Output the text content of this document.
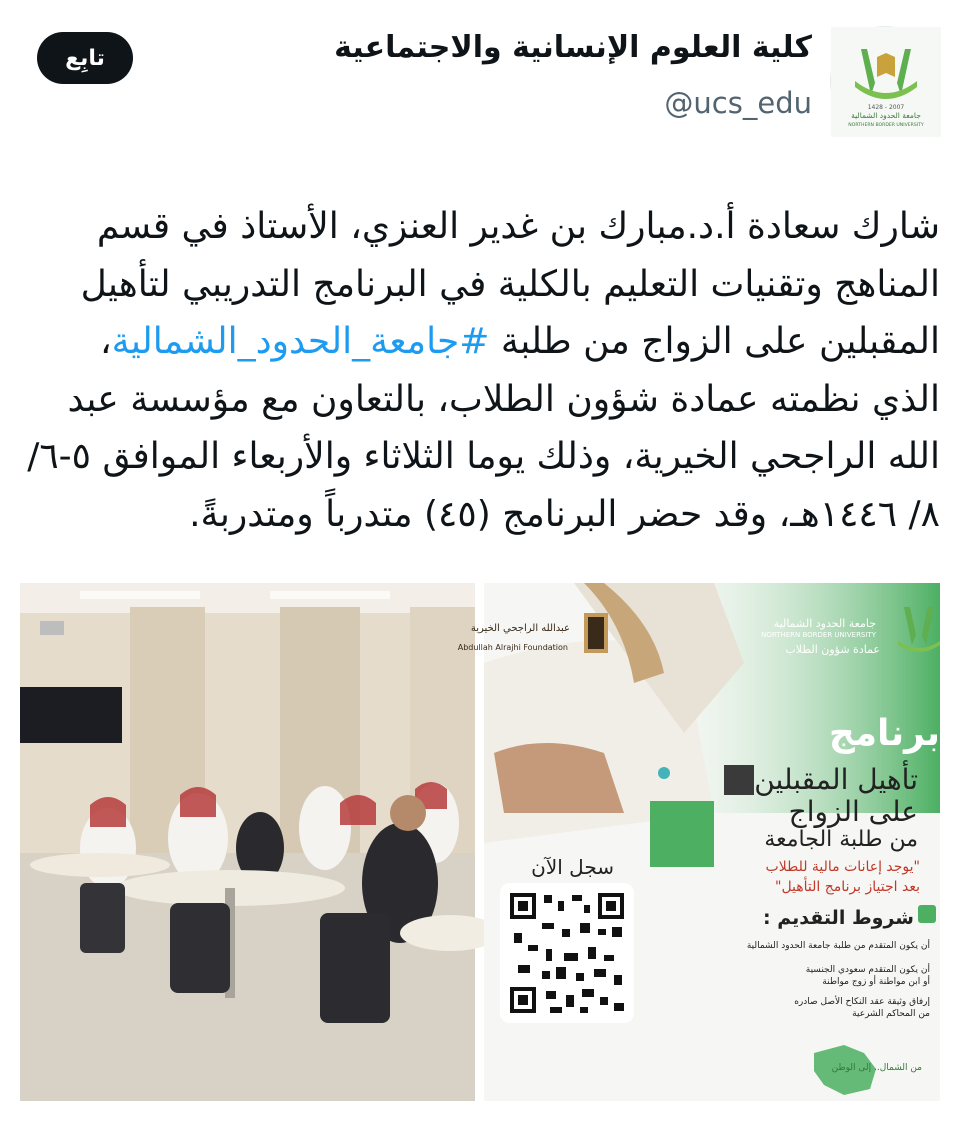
تابِع
1428 - 2007
جامعة الحدود الشمالية
NORTHERN BORDER UNIVERSITY
كلية العلوم الإنسانية والاجتماعية
@ucs_edu
شارك سعادة أ.د.مبارك بن غدير العنزي، الأستاذ في قسم المناهج وتقنيات التعليم بالكلية في البرنامج التدريبي لتأهيل المقبلين على الزواج من طلبة #جامعة_الحدود_الشمالية، الذي نظمته عمادة شؤون الطلاب، بالتعاون مع مؤسسة عبد الله الراجحي الخيرية، وذلك يوما الثلاثاء والأربعاء الموافق ٥-٦/ ٨/ ١٤٤٦هـ، وقد حضر البرنامج (٤٥) متدرباً ومتدربةً.
جامعة الحدود الشمالية
NORTHERN BORDER UNIVERSITY
عمادة شؤون الطلاب
عبدالله الراجحي الخيرية
Abdullah Alrajhi Foundation
برنامج
تأهيل المقبلين
على الزواج
من طلبة الجامعة
"يوجد إعانات مالية للطلاب
بعد اجتياز برنامج التأهيل"
سجل الآن
شروط التقديم :
أن يكون المتقدم من طلبة جامعة الحدود الشمالية
أن يكون المتقدم سعودي الجنسية
أو ابن مواطنة أو زوج مواطنة
إرفاق وثيقة عقد النكاح الأصل صادره
من المحاكم الشرعية
من الشمال.. إلى الوطن
